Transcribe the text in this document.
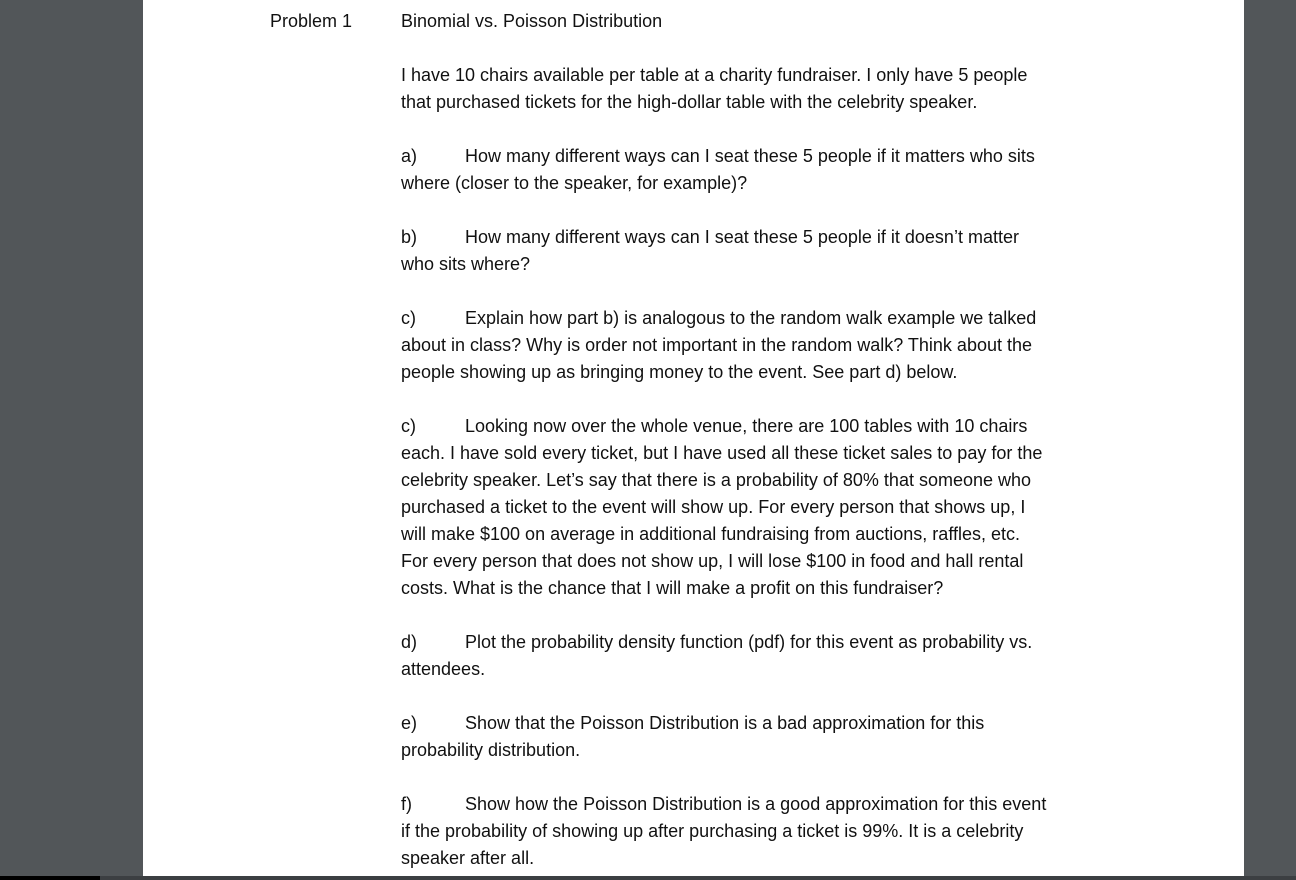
Problem 1	Binomial vs. Poisson Distribution

I have 10 chairs available per table at a charity fundraiser. I only have 5 people
that purchased tickets for the high-dollar table with the celebrity speaker.

a)	How many different ways can I seat these 5 people if it matters who sits
where (closer to the speaker, for example)?

b)	How many different ways can I seat these 5 people if it doesn’t matter
who sits where?

c)	Explain how part b) is analogous to the random walk example we talked
about in class? Why is order not important in the random walk? Think about the
people showing up as bringing money to the event. See part d) below.

c)	Looking now over the whole venue, there are 100 tables with 10 chairs
each. I have sold every ticket, but I have used all these ticket sales to pay for the
celebrity speaker. Let’s say that there is a probability of 80% that someone who
purchased a ticket to the event will show up. For every person that shows up, I
will make $100 on average in additional fundraising from auctions, raffles, etc.
For every person that does not show up, I will lose $100 in food and hall rental
costs. What is the chance that I will make a profit on this fundraiser?

d)	Plot the probability density function (pdf) for this event as probability vs.
attendees.

e)	Show that the Poisson Distribution is a bad approximation for this
probability distribution.

f)	Show how the Poisson Distribution is a good approximation for this event
if the probability of showing up after purchasing a ticket is 99%. It is a celebrity
speaker after all.
